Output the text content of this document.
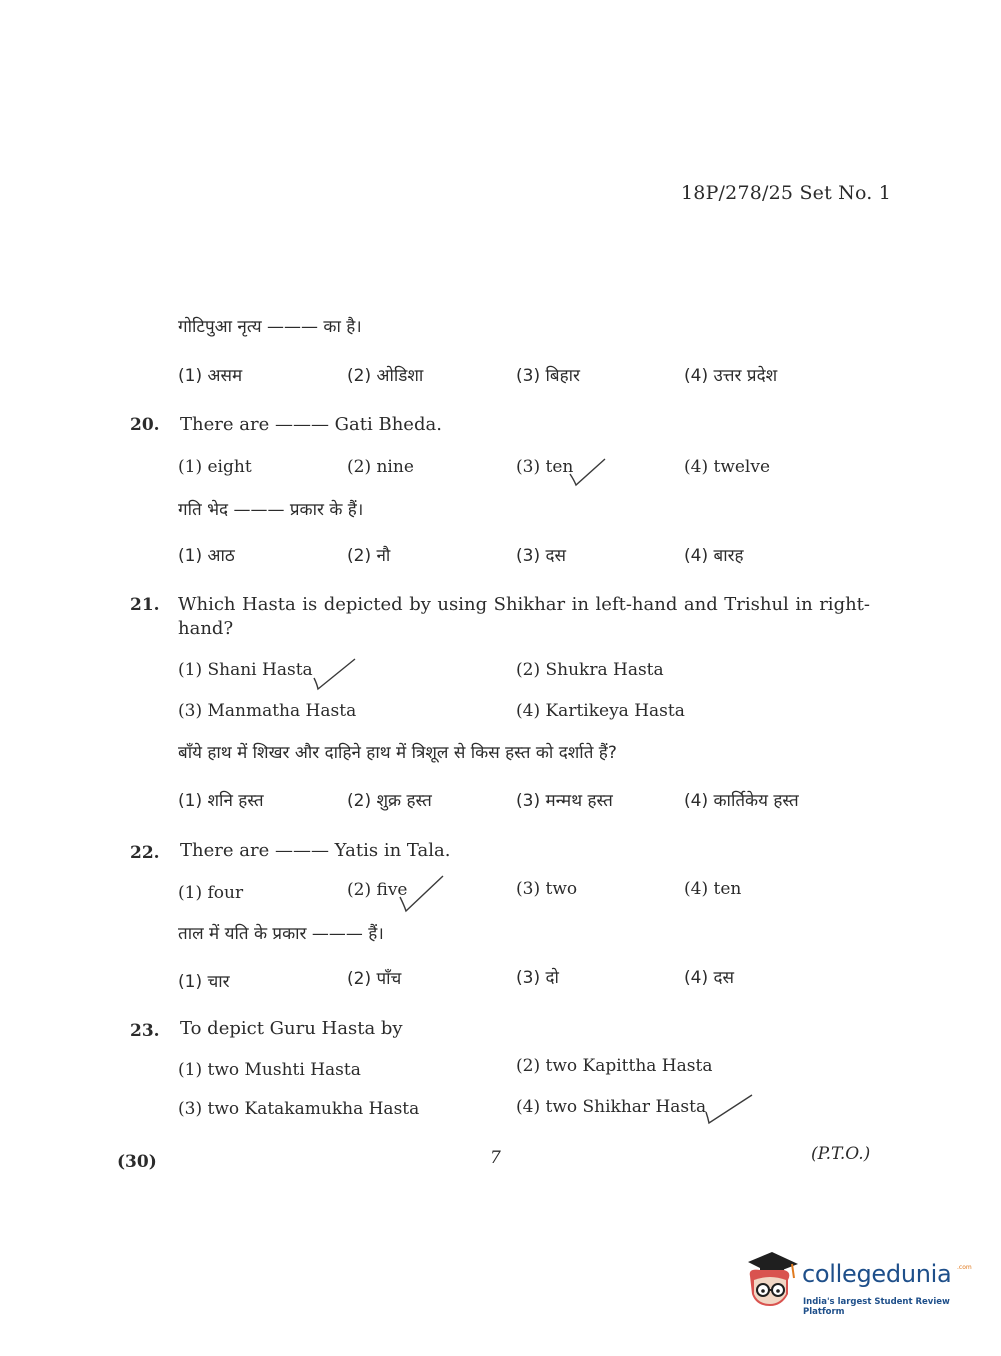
18P/278/25 Set No. 1
गोटिपुआ नृत्य ——— का है।
(1) असम	(2) ओडिशा	(3) बिहार	(4) उत्तर प्रदेश
20. There are ——— Gati Bheda.
(1) eight	(2) nine	(3) ten	(4) twelve
गति भेद ——— प्रकार के हैं।
(1) आठ	(2) नौ	(3) दस	(4) बारह
21. Which Hasta is depicted by using Shikhar in left-hand and Trishul in right-hand?
(1) Shani Hasta	(2) Shukra Hasta
(3) Manmatha Hasta	(4) Kartikeya Hasta
बाँये हाथ में शिखर और दाहिने हाथ में त्रिशूल से किस हस्त को दर्शाते हैं?
(1) शनि हस्त	(2) शुक्र हस्त	(3) मन्मथ हस्त	(4) कार्तिकेय हस्त
22. There are ——— Yatis in Tala.
(1) four	(2) five	(3) two	(4) ten
ताल में यति के प्रकार ——— हैं।
(1) चार	(2) पाँच	(3) दो	(4) दस
23. To depict Guru Hasta by
(1) two Mushti Hasta	(2) two Kapittha Hasta
(3) two Katakamukha Hasta	(4) two Shikhar Hasta
(30)	7	(P.T.O.)
collegedunia .com
India's largest Student Review Platform
